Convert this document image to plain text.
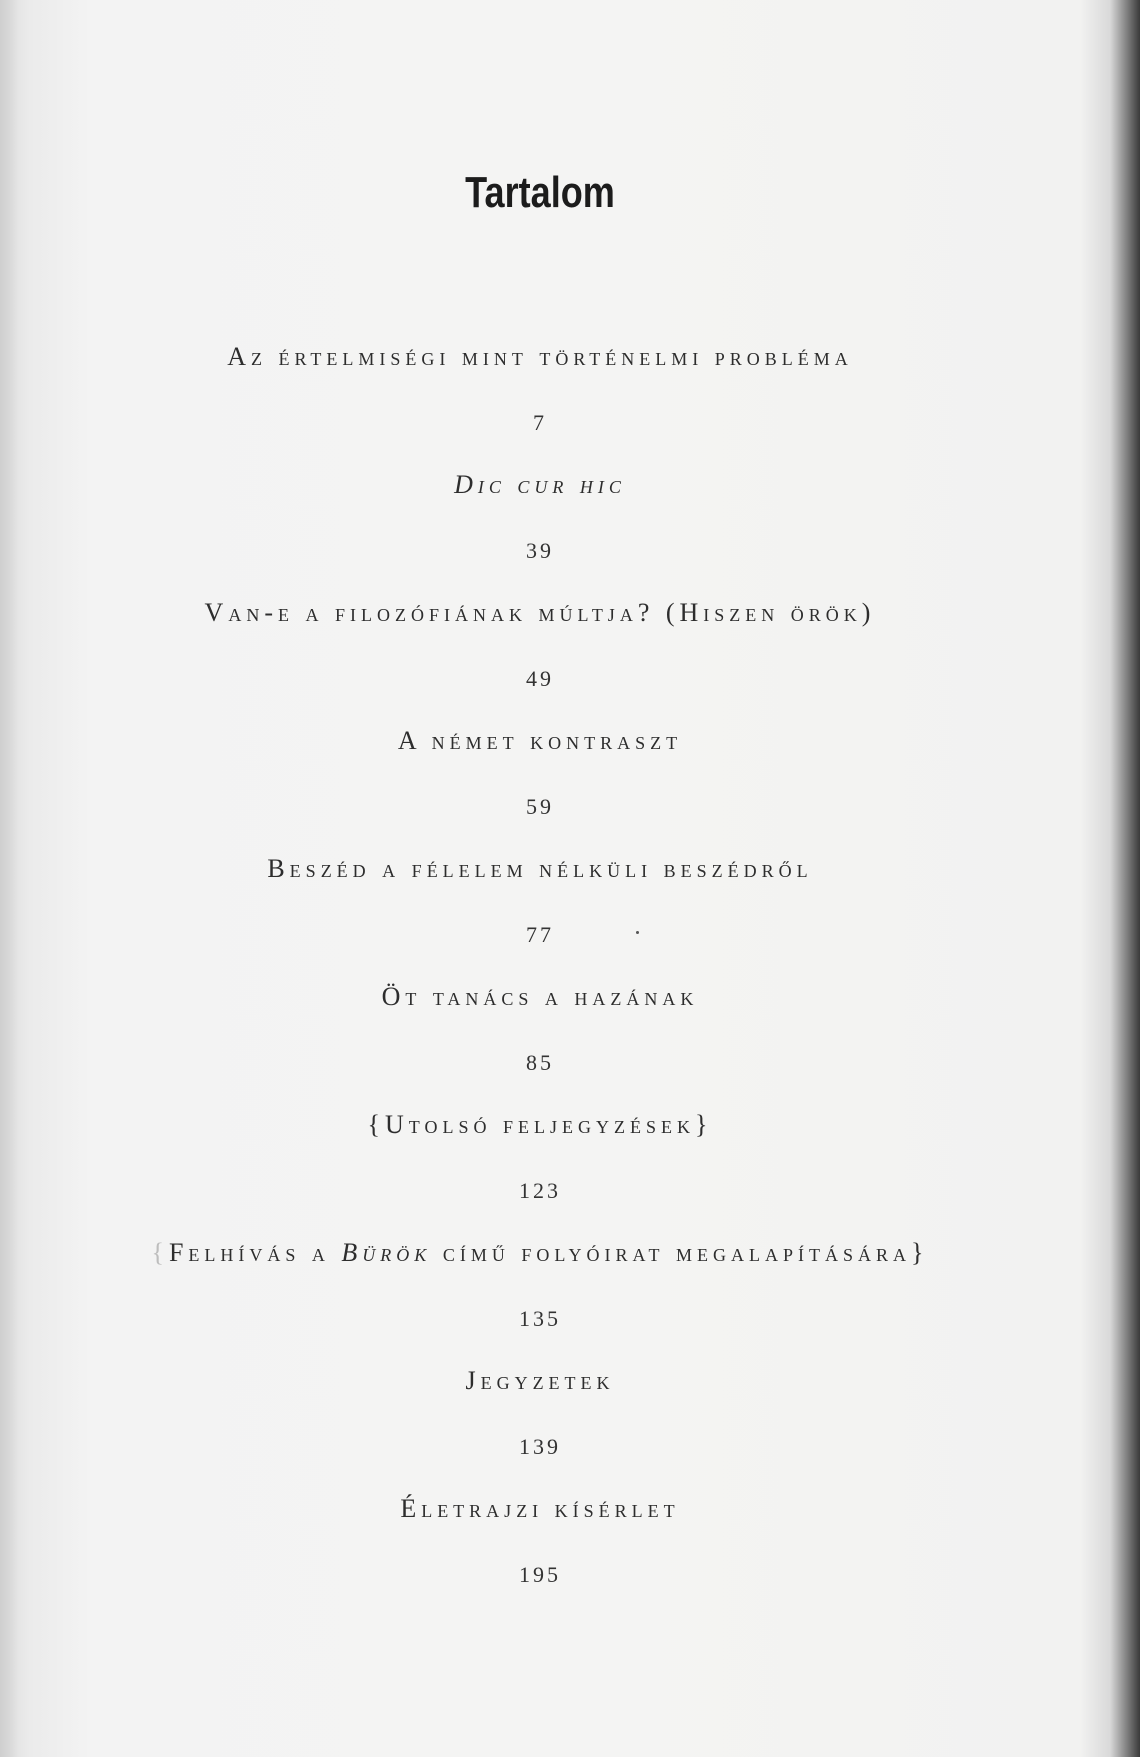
Tartalom
Az értelmiségi mint történelmi probléma
7
Dic cur hic
39
Van-e a filozófiának múltja? (Hiszen örök)
49
A német kontraszt
59
Beszéd a félelem nélküli beszédről
77
Öt tanács a hazának
85
{Utolsó feljegyzések}
123
{Felhívás a Bürök című folyóirat megalapítására}
135
Jegyzetek
139
Életrajzi kísérlet
195
